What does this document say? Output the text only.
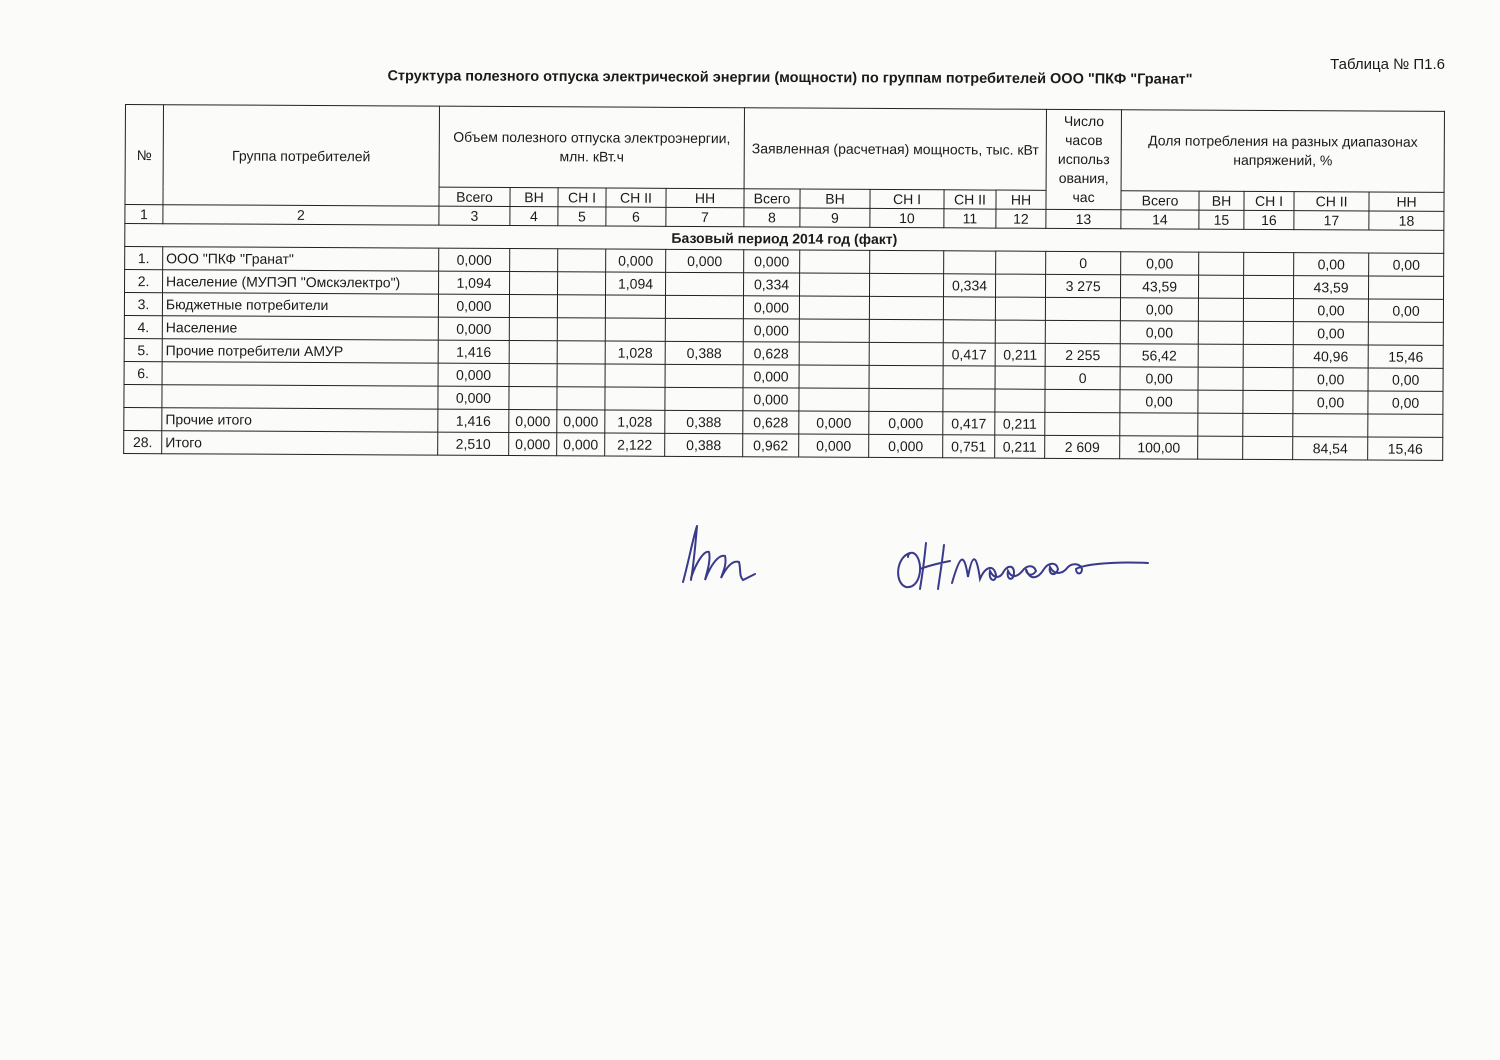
Таблица № П1.6
Структура полезного отпуска электрической энергии (мощности) по группам потребителей ООО "ПКФ "Гранат"
№	Группа потребителей	Объем полезного отпуска электроэнергии, млн. кВт.ч					Заявленная (расчетная) мощность, тыс. кВт					Число часов использ ования, час	Доля потребления на разных диапазонах напряжений, %				
		Всего	ВН	СН I	СН II	НН	Всего	ВН	СН I	СН II	НН		Всего	ВН	СН I	СН II	НН
1	2	3	4	5	6	7	8	9	10	11	12	13	14	15	16	17	18
Базовый период 2014 год (факт)																	
1.	ООО "ПКФ "Гранат"	0,000			0,000	0,000	0,000					0	0,00			0,00	0,00
2.	Население (МУПЭП "Омскэлектро")	1,094			1,094		0,334			0,334		3 275	43,59			43,59	
3.	Бюджетные потребители	0,000					0,000						0,00			0,00	0,00
4.	Население	0,000					0,000						0,00			0,00	
5.	Прочие потребители АМУР	1,416			1,028	0,388	0,628			0,417	0,211	2 255	56,42			40,96	15,46
6.		0,000					0,000					0	0,00			0,00	0,00
		0,000					0,000						0,00			0,00	0,00
	Прочие итого	1,416	0,000	0,000	1,028	0,388	0,628	0,000	0,000	0,417	0,211						
28.	Итого	2,510	0,000	0,000	2,122	0,388	0,962	0,000	0,000	0,751	0,211	2 609	100,00			84,54	15,46
